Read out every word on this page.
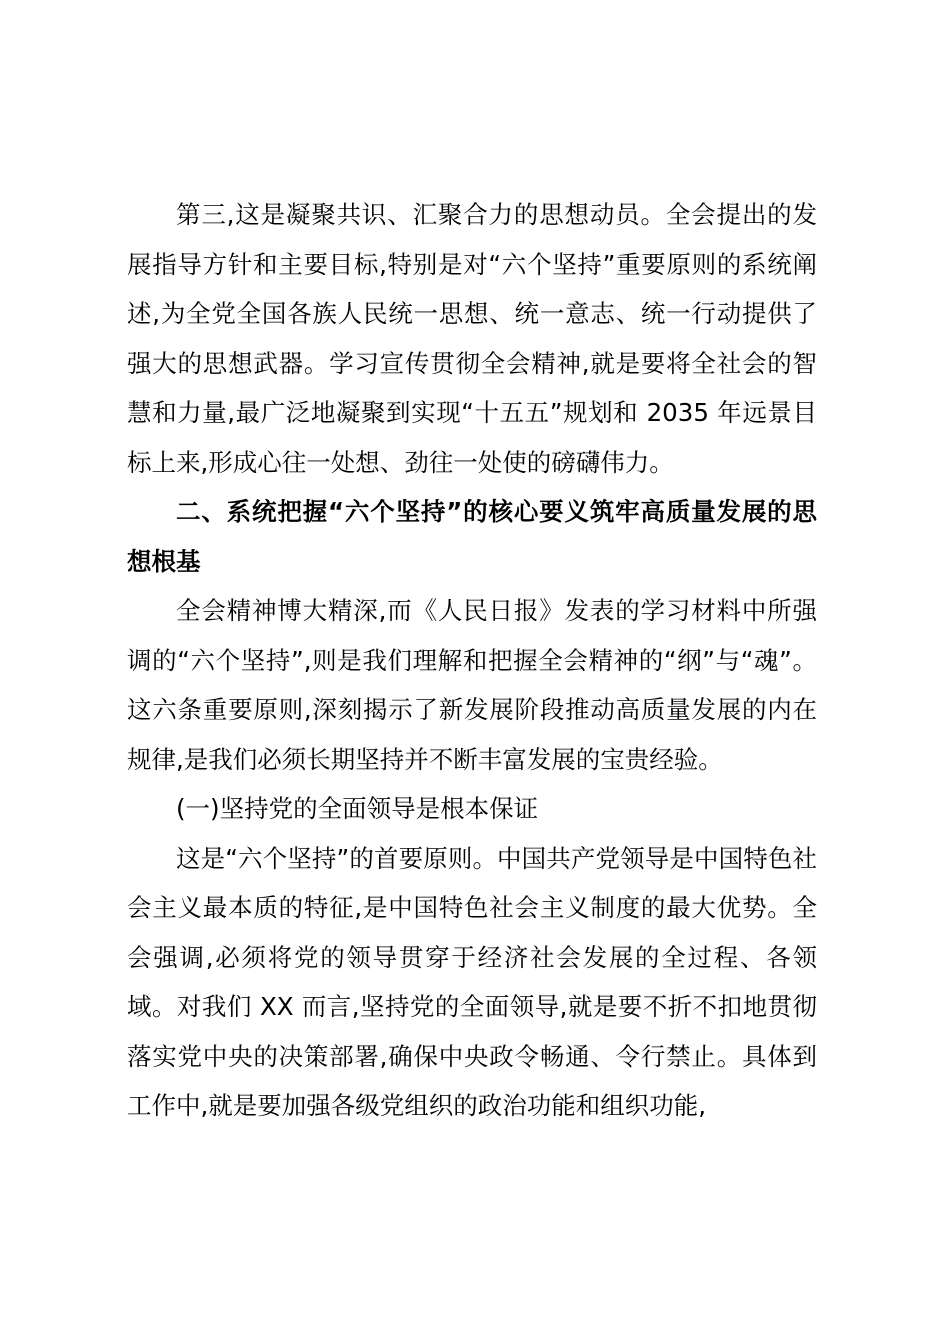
第三,这是凝聚共识、汇聚合力的思想动员。全会提出的发展指导方针和主要目标,特别是对“六个坚持”重要原则的系统阐述,为全党全国各族人民统一思想、统一意志、统一行动提供了强大的思想武器。学习宣传贯彻全会精神,就是要将全社会的智慧和力量,最广泛地凝聚到实现“十五五”规划和 2035 年远景目标上来,形成心往一处想、劲往一处使的磅礴伟力。

二、系统把握“六个坚持”的核心要义筑牢高质量发展的思想根基

全会精神博大精深,而《人民日报》发表的学习材料中所强调的“六个坚持”,则是我们理解和把握全会精神的“纲”与“魂”。这六条重要原则,深刻揭示了新发展阶段推动高质量发展的内在规律,是我们必须长期坚持并不断丰富发展的宝贵经验。

(一)坚持党的全面领导是根本保证

这是“六个坚持”的首要原则。中国共产党领导是中国特色社会主义最本质的特征,是中国特色社会主义制度的最大优势。全会强调,必须将党的领导贯穿于经济社会发展的全过程、各领域。对我们 XX 而言,坚持党的全面领导,就是要不折不扣地贯彻落实党中央的决策部署,确保中央政令畅通、令行禁止。具体到工作中,就是要加强各级党组织的政治功能和组织功能,
